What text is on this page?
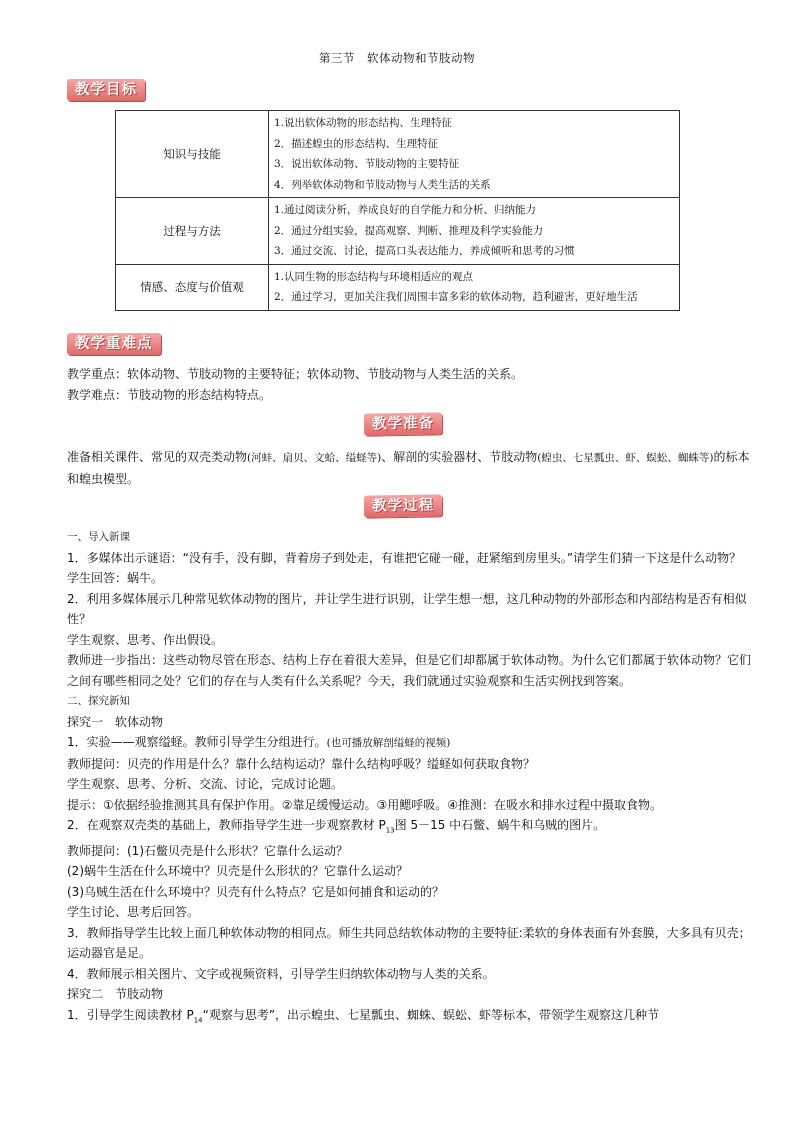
第三节　软体动物和节肢动物
教学目标
知识与技能	1.说出软体动物的形态结构、生理特征
2．描述蝗虫的形态结构、生理特征
3．说出软体动物、节肢动物的主要特征
4．列举软体动物和节肢动物与人类生活的关系

过程与方法	1.通过阅读分析，养成良好的自学能力和分析、归纳能力
2．通过分组实验，提高观察、判断、推理及科学实验能力
3．通过交流、讨论，提高口头表达能力，养成倾听和思考的习惯

情感、态度与价值观	1.认同生物的形态结构与环境相适应的观点
2．通过学习，更加关注我们周围丰富多彩的软体动物，趋利避害，更好地生活
教学重难点
教学重点：软体动物、节肢动物的主要特征；软体动物、节肢动物与人类生活的关系。
教学难点：节肢动物的形态结构特点。
教学准备
准备相关课件、常见的双壳类动物(河蚌、扇贝、文蛤、缢蛏等)、解剖的实验器材、节肢动物(蝗虫、七星瓢虫、虾、蜈蚣、蜘蛛等)的标本和蝗虫模型。
教学过程
一、导入新课
1．多媒体出示谜语：“没有手，没有脚，背着房子到处走，有谁把它碰一碰，赶紧缩到房里头。”请学生们猜一下这是什么动物？
学生回答：蜗牛。
2．利用多媒体展示几种常见软体动物的图片，并让学生进行识别，让学生想一想，这几种动物的外部形态和内部结构是否有相似性？
学生观察、思考、作出假设。
教师进一步指出：这些动物尽管在形态、结构上存在着很大差异，但是它们却都属于软体动物。为什么它们都属于软体动物？它们之间有哪些相同之处？它们的存在与人类有什么关系呢？今天，我们就通过实验观察和生活实例找到答案。
二、探究新知
探究一　软体动物
1．实验——观察缢蛏。教师引导学生分组进行。(也可播放解剖缢蛏的视频)
教师提问：贝壳的作用是什么？靠什么结构运动？靠什么结构呼吸？缢蛏如何获取食物？
学生观察、思考、分析、交流、讨论，完成讨论题。
提示：①依据经验推测其具有保护作用。②靠足缓慢运动。③用鳃呼吸。④推测：在吸水和排水过程中摄取食物。
2．在观察双壳类的基础上，教师指导学生进一步观察教材 $P_{13}$图 5－15 中石鳖、蜗牛和乌贼的图片。
教师提问：(1)石鳖贝壳是什么形状？它靠什么运动？
(2)蜗牛生活在什么环境中？贝壳是什么形状的？它靠什么运动？
(3)乌贼生活在什么环境中？贝壳有什么特点？它是如何捕食和运动的？
学生讨论、思考后回答。
3．教师指导学生比较上面几种软体动物的相同点。师生共同总结软体动物的主要特征:柔软的身体表面有外套膜，大多具有贝壳；运动器官是足。
4．教师展示相关图片、文字或视频资料，引导学生归纳软体动物与人类的关系。
探究二　节肢动物
1．引导学生阅读教材 $P_{14}“$观察与思考”，出示蝗虫、七星瓢虫、蜘蛛、蜈蚣、虾等标本，带领学生观察这几种节
